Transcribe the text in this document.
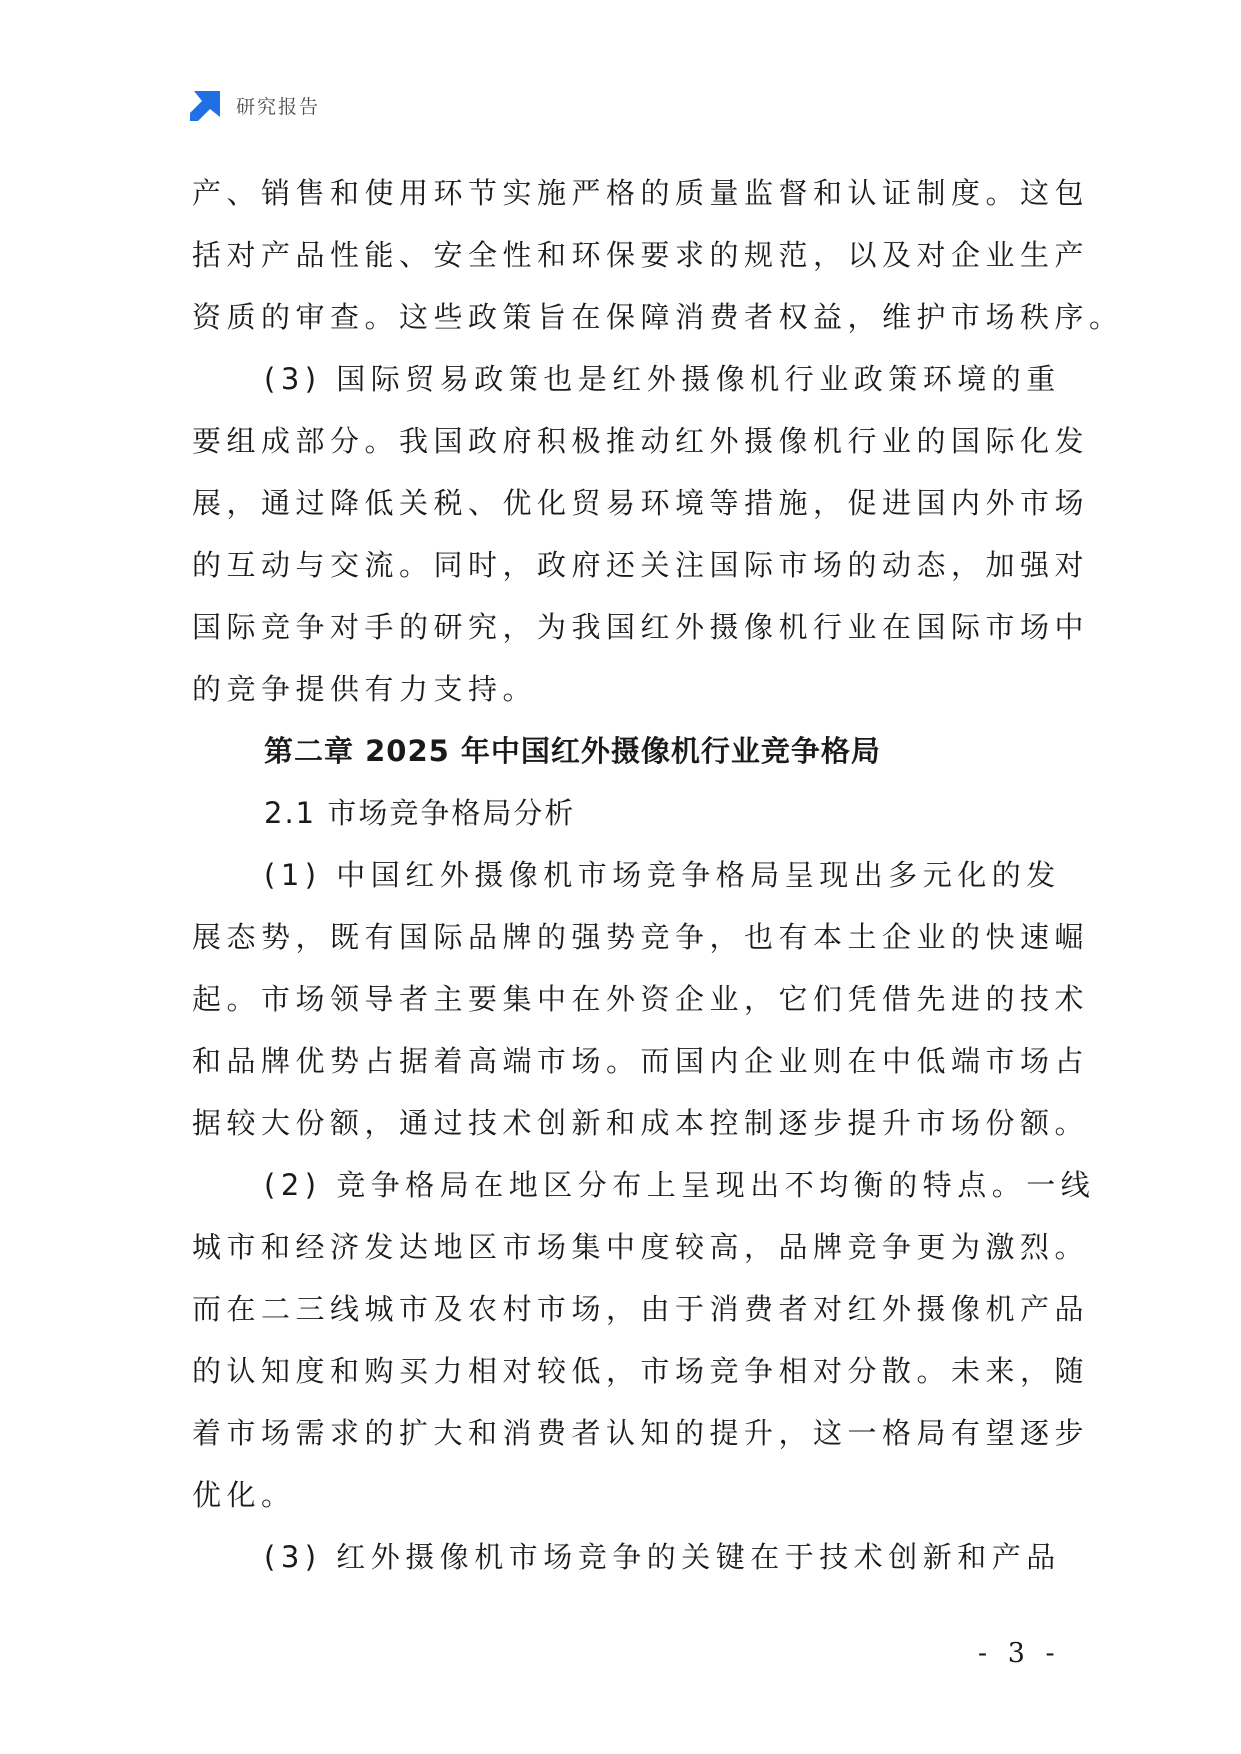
研究报告
产、销售和使用环节实施严格的质量监督和认证制度。这包
括对产品性能、安全性和环保要求的规范，以及对企业生产
资质的审查。这些政策旨在保障消费者权益，维护市场秩序。
(3) 国际贸易政策也是红外摄像机行业政策环境的重
要组成部分。我国政府积极推动红外摄像机行业的国际化发
展，通过降低关税、优化贸易环境等措施，促进国内外市场
的互动与交流。同时，政府还关注国际市场的动态，加强对
国际竞争对手的研究，为我国红外摄像机行业在国际市场中
的竞争提供有力支持。
第二章 2025 年中国红外摄像机行业竞争格局
2.1 市场竞争格局分析
(1) 中国红外摄像机市场竞争格局呈现出多元化的发
展态势，既有国际品牌的强势竞争，也有本土企业的快速崛
起。市场领导者主要集中在外资企业，它们凭借先进的技术
和品牌优势占据着高端市场。而国内企业则在中低端市场占
据较大份额，通过技术创新和成本控制逐步提升市场份额。
(2) 竞争格局在地区分布上呈现出不均衡的特点。一线
城市和经济发达地区市场集中度较高，品牌竞争更为激烈。
而在二三线城市及农村市场，由于消费者对红外摄像机产品
的认知度和购买力相对较低，市场竞争相对分散。未来，随
着市场需求的扩大和消费者认知的提升，这一格局有望逐步
优化。
(3) 红外摄像机市场竞争的关键在于技术创新和产品
- 3 -
